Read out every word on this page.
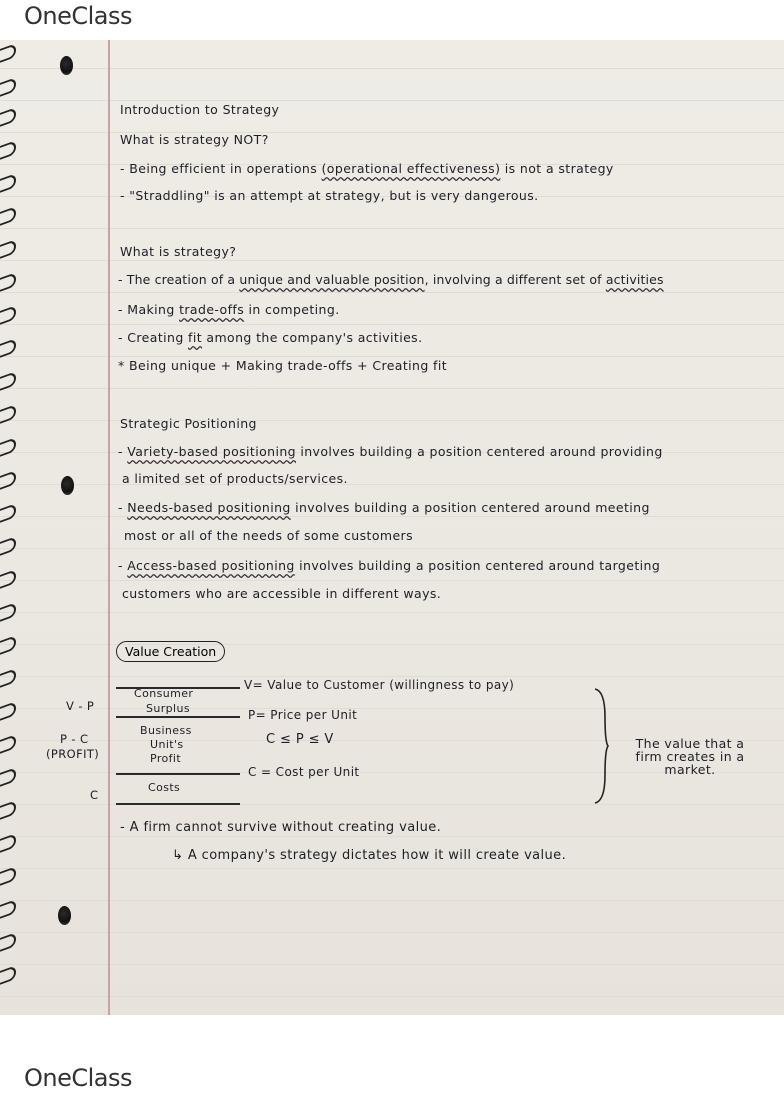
OneClass
Introduction to Strategy
What is strategy NOT?
- Being efficient in operations (operational effectiveness) is not a strategy
- "Straddling" is an attempt at strategy, but is very dangerous.
What is strategy?
- The creation of a unique and valuable position, involving a different set of activities
- Making trade-offs in competing.
- Creating fit among the company's activities.
* Being unique + Making trade-offs + Creating fit
Strategic Positioning
- Variety-based positioning involves building a position centered around providing
a limited set of products/services.
- Needs-based positioning involves building a position centered around meeting
most or all of the needs of some customers
- Access-based positioning involves building a position centered around targeting
customers who are accessible in different ways.
Value Creation
V - P
P - C
(PROFIT)
C
Consumer
Surplus
Business
Unit's
Profit
Costs
V= Value to Customer (willingness to pay)
P= Price per Unit
C ≤ P ≤ V
C = Cost per Unit
The value that a
firm creates in a
market.
- A firm cannot survive without creating value.
↳ A company's strategy dictates how it will create value.
OneClass
